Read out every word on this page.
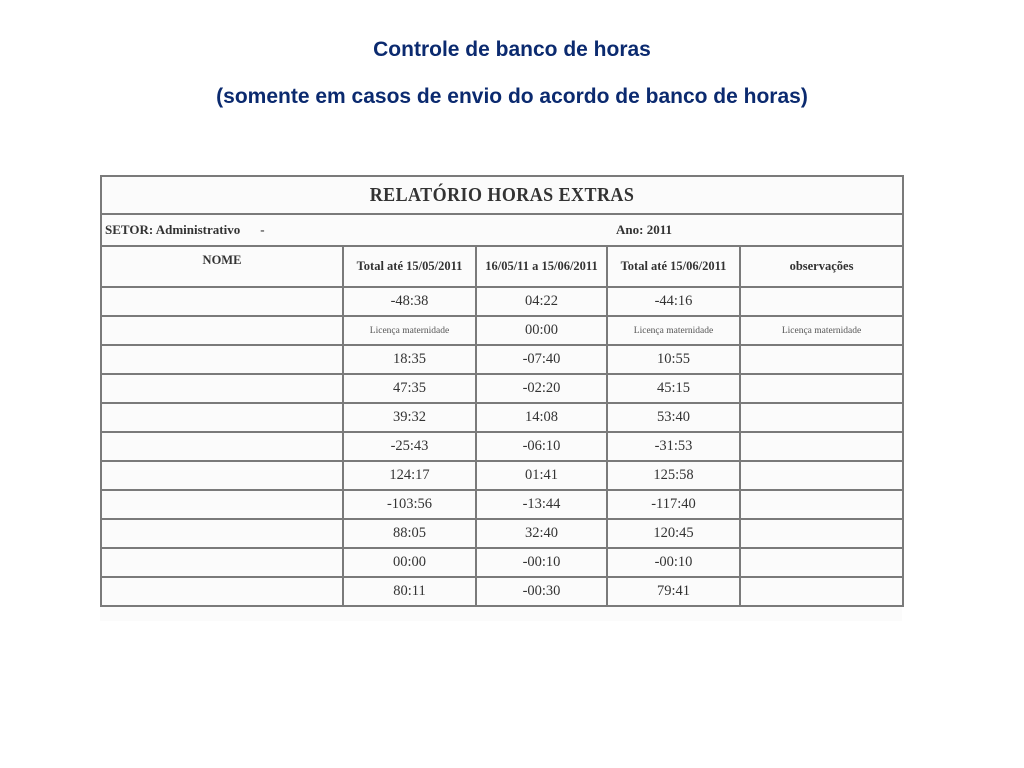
Controle de banco de horas
(somente em casos de envio do acordo de banco de horas)
RELATÓRIO HORAS EXTRAS				

SETOR: Administrativo - Ano: 2011				

NOME	Total até 15/05/2011	16/05/11 a 15/06/2011	Total até 15/06/2011	observações
	-48:38	04:22	-44:16	
	Licença maternidade	00:00	Licença maternidade	Licença maternidade
	18:35	-07:40	10:55	
	47:35	-02:20	45:15	
	39:32	14:08	53:40	
	-25:43	-06:10	-31:53	
	124:17	01:41	125:58	
	-103:56	-13:44	-117:40	
	88:05	32:40	120:45	
	00:00	-00:10	-00:10	
	80:11	-00:30	79:41	
